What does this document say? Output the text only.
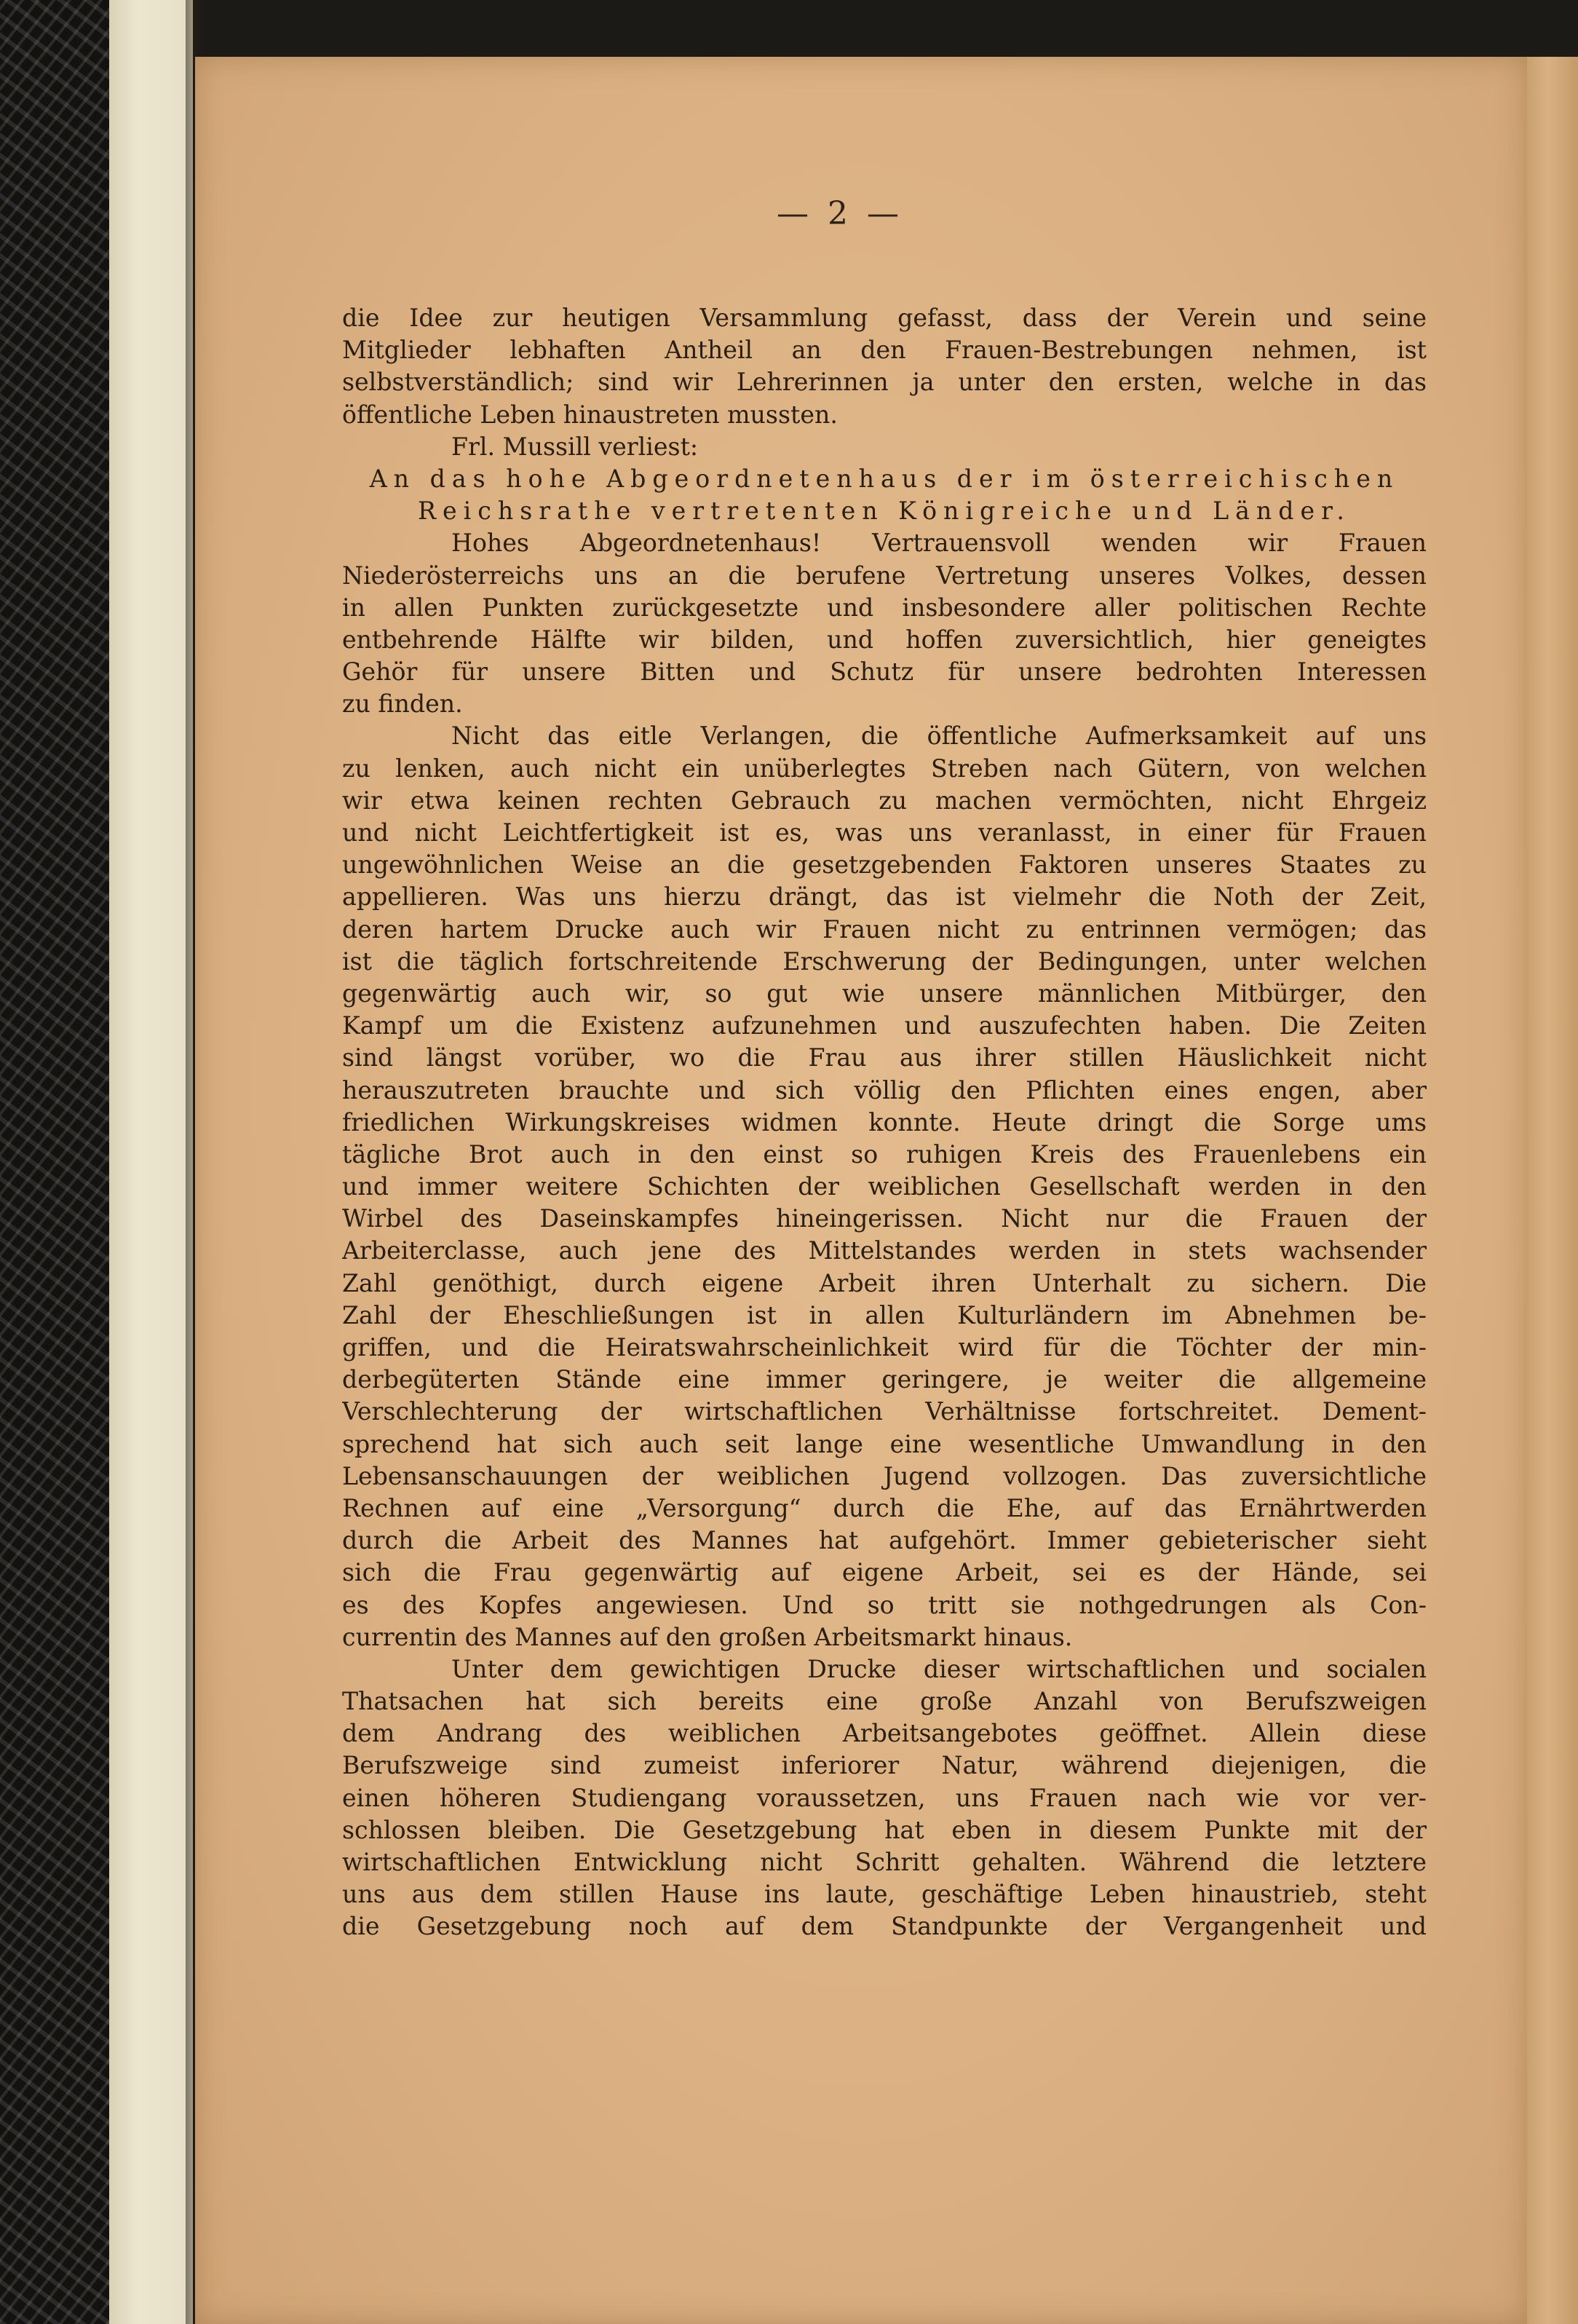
— 2 —
die Idee zur heutigen Versammlung gefasst, dass der Verein und seine
Mitglieder lebhaften Antheil an den Frauen-Bestrebungen nehmen, ist
selbstverständlich; sind wir Lehrerinnen ja unter den ersten, welche in das
öffentliche Leben hinaustreten mussten.
Frl. Mussill verliest:
An das hohe Abgeordnetenhaus der im österreichischen
Reichsrathe vertretenten Königreiche und Länder.
Hohes Abgeordnetenhaus! Vertrauensvoll wenden wir Frauen
Niederösterreichs uns an die berufene Vertretung unseres Volkes, dessen
in allen Punkten zurückgesetzte und insbesondere aller politischen Rechte
entbehrende Hälfte wir bilden, und hoffen zuversichtlich, hier geneigtes
Gehör für unsere Bitten und Schutz für unsere bedrohten Interessen
zu finden.
Nicht das eitle Verlangen, die öffentliche Aufmerksamkeit auf uns
zu lenken, auch nicht ein unüberlegtes Streben nach Gütern, von welchen
wir etwa keinen rechten Gebrauch zu machen vermöchten, nicht Ehrgeiz
und nicht Leichtfertigkeit ist es, was uns veranlasst, in einer für Frauen
ungewöhnlichen Weise an die gesetzgebenden Faktoren unseres Staates zu
appellieren. Was uns hierzu drängt, das ist vielmehr die Noth der Zeit,
deren hartem Drucke auch wir Frauen nicht zu entrinnen vermögen; das
ist die täglich fortschreitende Erschwerung der Bedingungen, unter welchen
gegenwärtig auch wir, so gut wie unsere männlichen Mitbürger, den
Kampf um die Existenz aufzunehmen und auszufechten haben. Die Zeiten
sind längst vorüber, wo die Frau aus ihrer stillen Häuslichkeit nicht
herauszutreten brauchte und sich völlig den Pflichten eines engen, aber
friedlichen Wirkungskreises widmen konnte. Heute dringt die Sorge ums
tägliche Brot auch in den einst so ruhigen Kreis des Frauenlebens ein
und immer weitere Schichten der weiblichen Gesellschaft werden in den
Wirbel des Daseinskampfes hineingerissen. Nicht nur die Frauen der
Arbeiterclasse, auch jene des Mittelstandes werden in stets wachsender
Zahl genöthigt, durch eigene Arbeit ihren Unterhalt zu sichern. Die
Zahl der Eheschließungen ist in allen Kulturländern im Abnehmen be-
griffen, und die Heiratswahrscheinlichkeit wird für die Töchter der min-
derbegüterten Stände eine immer geringere, je weiter die allgemeine
Verschlechterung der wirtschaftlichen Verhältnisse fortschreitet. Dement-
sprechend hat sich auch seit lange eine wesentliche Umwandlung in den
Lebensanschauungen der weiblichen Jugend vollzogen. Das zuversichtliche
Rechnen auf eine „Versorgung“ durch die Ehe, auf das Ernährtwerden
durch die Arbeit des Mannes hat aufgehört. Immer gebieterischer sieht
sich die Frau gegenwärtig auf eigene Arbeit, sei es der Hände, sei
es des Kopfes angewiesen. Und so tritt sie nothgedrungen als Con-
currentin des Mannes auf den großen Arbeitsmarkt hinaus.
Unter dem gewichtigen Drucke dieser wirtschaftlichen und socialen
Thatsachen hat sich bereits eine große Anzahl von Berufszweigen
dem Andrang des weiblichen Arbeitsangebotes geöffnet. Allein diese
Berufszweige sind zumeist inferiorer Natur, während diejenigen, die
einen höheren Studiengang voraussetzen, uns Frauen nach wie vor ver-
schlossen bleiben. Die Gesetzgebung hat eben in diesem Punkte mit der
wirtschaftlichen Entwicklung nicht Schritt gehalten. Während die letztere
uns aus dem stillen Hause ins laute, geschäftige Leben hinaustrieb, steht
die Gesetzgebung noch auf dem Standpunkte der Vergangenheit und
